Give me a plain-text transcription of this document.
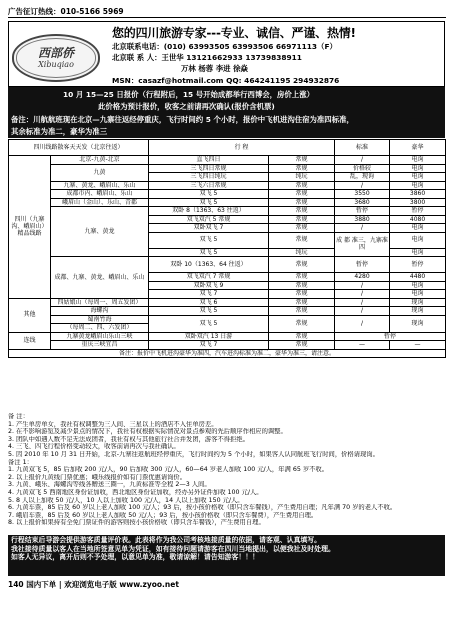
广告征订热线：010-5166 5969
西部侨
Xibuqiao
您的四川旅游专家---专业、诚信、严谨、热情!
北京联系电话：(010) 63993505 63993506 66971113（F）
北京联 系 人：王世华 13121662933 13739838911
万林 杨蓉 李进 徐焱
MSN：casazf@hotmail.com QQ: 464241195 294932876
10 月 15—25 日报价（行程附后，15 号开始成都举行西博会，房价上涨）
此价格为预计报价，收客之前请再次确认(报价含机票)
备注：川航航班现在北京—九寨往返经停重庆，飞行时间约 5 个小时，报价中飞机进沟住宿为准四标准，
其余标准为准二，豪华为准三
四川线路散客天天发（北京往返）		行 程		标准	豪华
四川（九寨沟、峨眉山）精品线路	北京-九黄-北京	直飞四日	常规	/	电询
	九黄	三飞四日常规	常规	价格较	电询
		三飞四日纯玩	纯玩	乱，现询	电询
	九寨、黄龙、峨眉山、乐山	三飞六日常规	常规	/	电询
	成都市内、峨眉山、乐山	双飞 5	常规	3550	3860
	峨眉山（金山）、乐山、青都	双飞 5	常规	3680	3800
	九寨、黄龙	双卧 8（1363、63 往返）	常规	暂停	暂停
		双飞双汽 5 常规	常规	3880	4080
		双卧双飞 7	常规	/	电询
		双飞 5	常规	成 都 准三，九寨准四	电询
		双飞 5	纯玩		电询
	成都、九寨、黄龙、峨眉山、乐山	双卧 10（1363、64 往返）	常规	暂停	暂停
		双飞双汽 7 常规	常规	4280	4480
		双卧双飞 9	常规	/	电询
		双飞 7	常规	/	电询
其他	四姑娘山（每周一、周五发团）	双飞 6	常规	/	现询
	海螺沟	双飞 5	常规	/	现询
	蜀南竹海	双飞 5	常规	/	现询
	（每周二、四、六发团）				
连线	九寨黄龙峨眉山乐山三峡	双卧双汽 13 日游	常规	暂停	
	重庆三峡宜昌	双飞 7	常规	—	—
备注：报价中飞机进沟豪华为准四，汽车进沟标准为准二，豪华为准三，请注意。					
备 注：
1. 产生单房单女，我社有权调整为三人间、三星以上的酒店不入住单房差。
2. 在不影响游览及减少景点的情况下，我社有权根据实际情况对景点参观的先后顺序作相应的调整。
3. 团队中如遇人数不足无法成团者，我社有权与其他旅行社合并发团，游客不得拒绝。
4. 三飞、四飞行程价格变动较大，收客前请再次与我社确认。
5. 因 2010 年 10 月 31 日开始，北京-九寨往返航班经停重庆，飞行时间约为 5 个小时，如果客人认同航班飞行时间，价格请现询。
备注 1：
1. 九黄双飞 5，85 后加收 200 元/人，90 后加收 300 元/人，60—64 岁老人加收 100 元/人，年满 65 岁不收。
2. 以上报价九黄线门票优惠；峨乐线报价如有门票优惠请询价。
3. 九黄、峨乐、海螺沟等线各赠送三圈一，九黄标准等全程 2—3 人间。
4. 九黄双飞 5 西南地区身份证加收，西北地区身份证加收，经办另外证件加收 100 元/人。
5. 8 人以上加收 50 元/人，10 人以上加收 100 元/人，14 人以上加收 150 元/人。
6. 九黄车票，85 后及 60 岁以上老人加收 100 元/人；93 后，按小孩价格收（即只含车餐钱），产生费用自理；凡年满 70 岁的老人不收。
7. 峨眉车票，85 后及 60 岁以上老人加收 50 元/人；93 后，按小孩价格收（即只含车餐费），产生费用自理。
8. 以上报价如果持有全免门票证件的游客则按小孩价格收（即只含车餐钱），产生费用自理。
行程结束后导游会提供游客质量评价表。此表将作为我公司考核地接质量的依据，请客观、认真填写。
我社接待质量以客人在当地所签意见单为凭证，如有接待问题请游客在四川当地提出，以便我社及时处理。
如客人无异议，离开后则不予处理，以意见单为准，敬请谅解！请告知游客！！！
140 国内下单 | 欢迎浏览电子版 www.zyoo.net
